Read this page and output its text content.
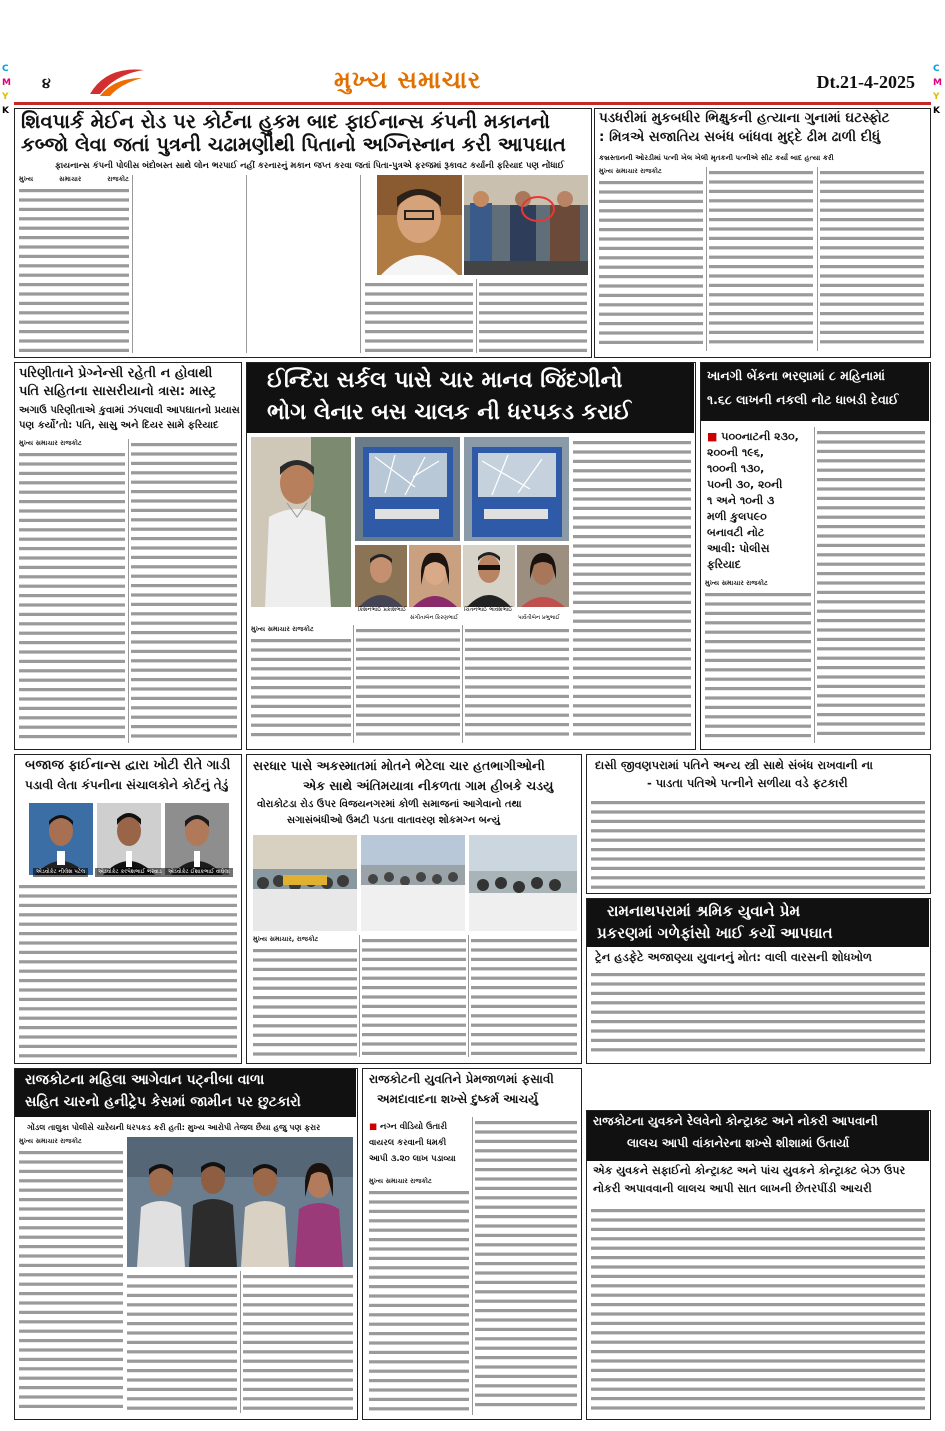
C
M
Y
K
C
M
Y
K
૪	મુખ્ય સમાચાર	Dt.21-4-2025
શિવપાર્ક મેઈન રોડ પર કોર્ટના હુકમ બાદ ફાઈનાન્સ કંપની મકાનનો
કબ્જો લેવા જતાં પુત્રની ચઢામણીથી પિતાનો અગ્નિસ્નાન કરી આપઘાત
ફાયનાન્સ કંપની પોલીસ બંદોબસ્ત સાથે લોન ભરપાઈ નહીં કરનારનું મકાન જપ્ત કરવા જતાં પિતા-પુત્રએ ફરજમાં રૂકાવટ કર્યાની ફરિયાદ પણ નોંધાઈ
મુખ્ય સમાચાર રાજકોટ
પડધરીમાં મુકબધીર ભિક્ષુકની હત્યાના ગુનામાં ઘટસ્ફોટ
: મિત્રએ સજાતિય સબંધ બાંધવા મુદ્દે ઢીમ ઢાળી દીધું
કબ્રસ્તાનની ઓરડીમાં પત્ની ખેલ ખેલી મૃતકની પત્નીએ સીટ કર્યા બાદ હત્યા કરી
મુખ્ય સમાચાર રાજકોટ
પરિણીતાને પ્રેગ્નેન્સી રહેતી ન હોવાથી
પતિ સહિતના સાસરીયાનો ત્રાસ: માસ્ટ્ર
અગાઉ પરિણીતાએ કુવામાં ઝંપલાવી આપઘાતનો પ્રયાસ
પણ કર્યો’તો: પતિ, સાસુ અને દિયર સામે ફરિયાદ
મુખ્ય સમાચાર રાજકોટ
ઈન્દિરા સર્કલ પાસે ચાર માનવ જિંદગીનો
ભોગ લેનાર બસ ચાલક ની ધરપકડ કરાઈ
કિશનભાઈ પ્રકાશભાઈ
સંગીતાબેન કિરણભાઈ
ચિંતનભાઈ ભાવેશભાઈ
પાર્વતીબેન પ્રભુભાઈ
મુખ્ય સમાચાર રાજકોટ
ખાનગી બેંકના ભરણામાં ૮ મહિનામાં
૧.૬૮ લાખની નકલી નોટ ધાબડી દેવાઈ
■ ૫૦૦નાટની ૨૩૦,
૨૦૦ની ૧૯૬,
૧૦૦ની ૧૩૦,
૫૦ની ૩૦, ૨૦ની
૧ અને ૧૦ની ૩
મળી કુલ૫૯૦
બનાવટી નોટ
આવી: પોલીસ
ફરિયાદ
મુખ્ય સમાચાર રાજકોટ
બજાજ ફાઈનાન્સ દ્વારા ખોટી રીતે ગાડી
પડાવી લેતા કંપનીના સંચાલકોને કોર્ટનું તેડું
એડવોકેટ નીલેશ પટેલ	એડવોકેટ કલ્પેશભાઈ ભરવાડ	એડવોકેટ ઈશાકભાઈ વાઘેલા
સરધાર પાસે અકસ્માતમાં મોતને ભેટેલા ચાર હતભાગીઓની
એક સાથે અંતિમયાત્રા નીકળતા ગામ હીબકે ચડયુ
વોરાકોટડા રોડ ઉપર વિજયનગરમાં કોળી સમાજનાં આગેવાનો તથા
સગાસંબંધીઓ ઉમટી પડતા વાતાવરણ શોકમગ્ન બન્યું
મુખ્ય સમાચાર, રાજકોટ
દાસી જીવણપરામાં પતિને અન્ય સ્ત્રી સાથે સંબંધ રાખવાની ના
- પાડતા પતિએ પત્નીને સળીયા વડે ફટકારી
રામનાથપરામાં શ્રમિક યુવાને પ્રેમ
પ્રકરણમાં ગળેફાંસો ખાઈ કર્યો આપઘાત
ટ્રેન હડફેટે અજાણ્યા યુવાનનું મોત: વાલી વારસની શોધખોળ
રાજકોટના મહિલા આગેવાન પટ્નીબા વાળા
સહિત ચારનો હનીટ્રેપ કેસમાં જામીન પર છુટકારો
ગોંડલ તાલુકા પોલીસે ચારેયની ધરપકડ કરી હતી: મુખ્ય આરોપી તેજલ છૈયા હજુ પણ ફરાર
મુખ્ય સમાચાર રાજકોટ
રાજકોટની યુવતિને પ્રેમજાળમાં ફસાવી
અમદાવાદના શખ્સે દુષ્કર્મ આચર્યુ
■ નગ્ન વીડિયો ઉતારી
વાયરલ કરવાની ધમકી
આપી ૩.૨૦ લાખ પડાવ્યા
મુખ્ય સમાચાર રાજકોટ
રાજકોટના યુવકને રેલવેનો કોન્ટ્રાક્ટ અને નોકરી આપવાની
લાલચ આપી વાંકાનેરના શખ્સે શીશામાં ઉતાર્યા
એક યુવકને સફાઈનો કોન્ટ્રાક્ટ અને પાંચ યુવકને કોન્ટ્રાક્ટ બેઝ ઉપર
નોકરી અપાવવાની લાલચ આપી સાત લાખની છેતરપીંડી આચરી
